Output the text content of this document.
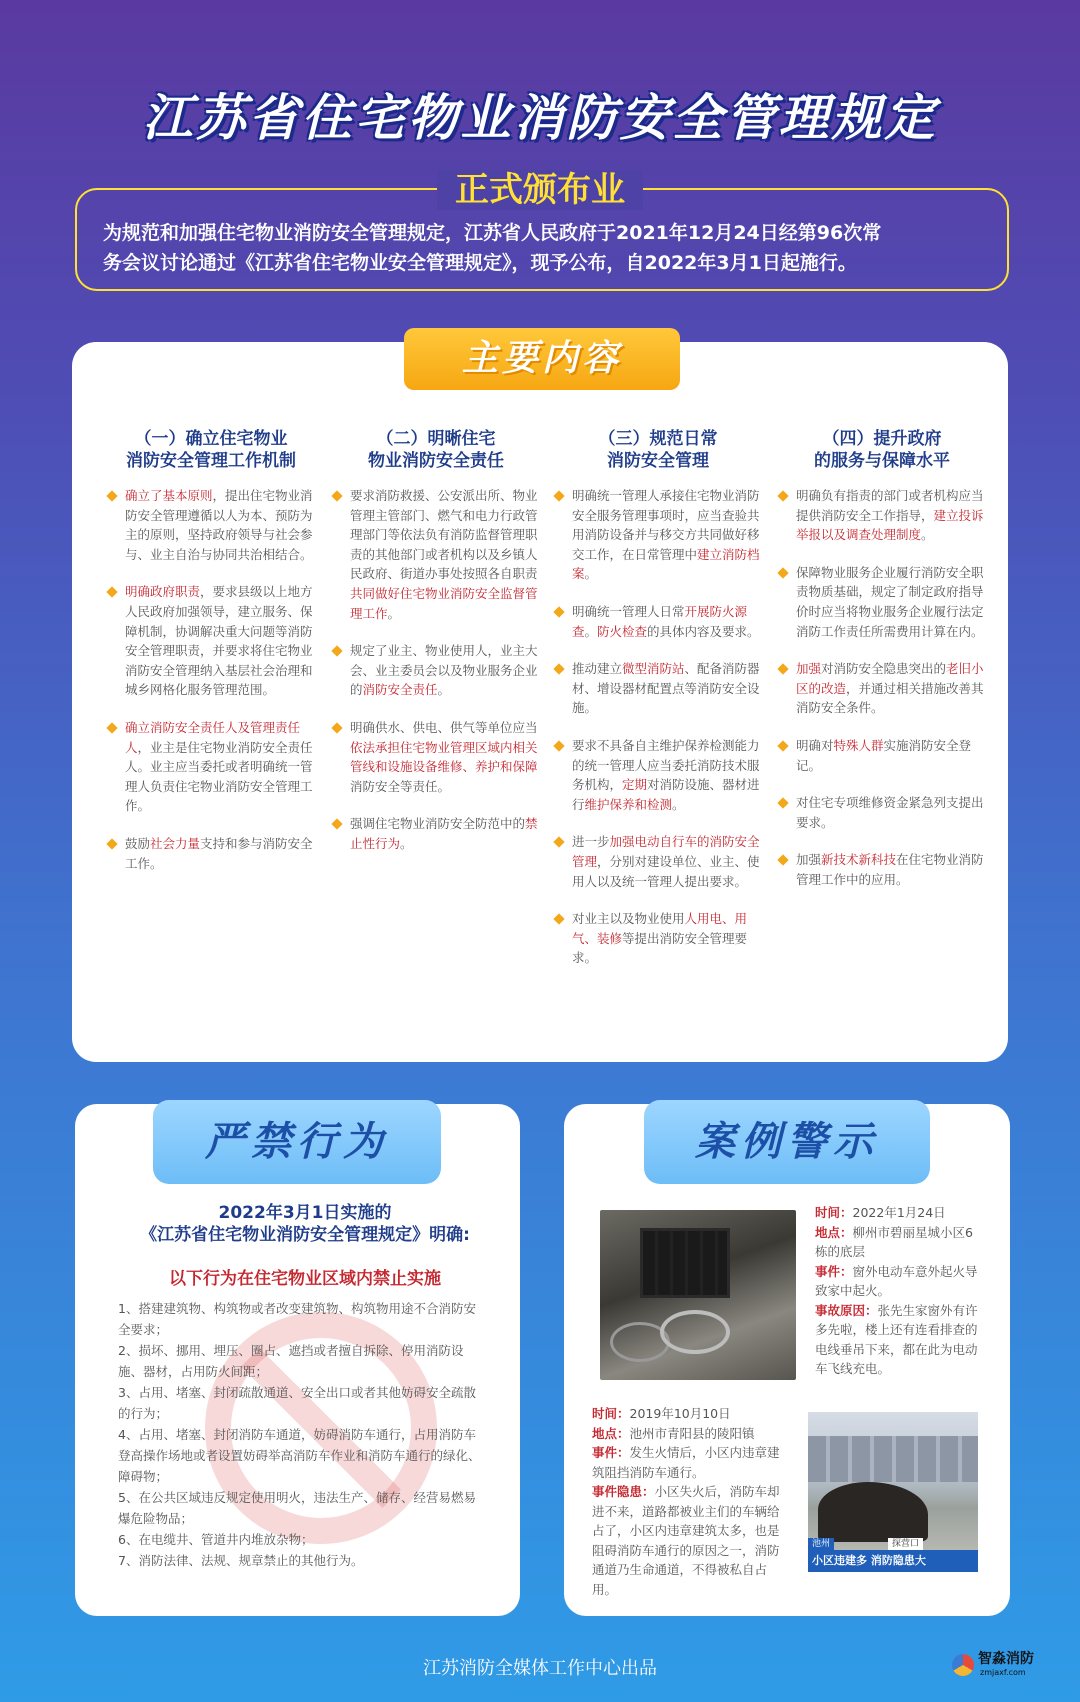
江苏省住宅物业消防安全管理规定
正式颁布业
为规范和加强住宅物业消防安全管理规定，江苏省人民政府于2021年12月24日经第96次常
务会议讨论通过《江苏省住宅物业安全管理规定》，现予公布，自2022年3月1日起施行。
主要内容
（一）确立住宅物业
消防安全管理工作机制
确立了基本原则，提出住宅物业消防安全管理遵循以人为本、预防为主的原则，坚持政府领导与社会参与、业主自治与协同共治相结合。
明确政府职责，要求县级以上地方人民政府加强领导，建立服务、保障机制，协调解决重大问题等消防安全管理职责，并要求将住宅物业消防安全管理纳入基层社会治理和城乡网格化服务管理范围。
确立消防安全责任人及管理责任人，业主是住宅物业消防安全责任人。业主应当委托或者明确统一管理人负责住宅物业消防安全管理工作。
鼓励社会力量支持和参与消防安全工作。
（二）明晰住宅
物业消防安全责任
要求消防救援、公安派出所、物业管理主管部门、燃气和电力行政管理部门等依法负有消防监督管理职责的其他部门或者机构以及乡镇人民政府、街道办事处按照各自职责共同做好住宅物业消防安全监督管理工作。
规定了业主、物业使用人，业主大会、业主委员会以及物业服务企业的消防安全责任。
明确供水、供电、供气等单位应当依法承担住宅物业管理区域内相关管线和设施设备维修、养护和保障消防安全等责任。
强调住宅物业消防安全防范中的禁止性行为。
（三）规范日常
消防安全管理
明确统一管理人承接住宅物业消防安全服务管理事项时，应当查验共用消防设备并与移交方共同做好移交工作，在日常管理中建立消防档案。
明确统一管理人日常开展防火源查。防火检查的具体内容及要求。
推动建立微型消防站、配备消防器材、增设器材配置点等消防安全设施。
要求不具备自主维护保养检测能力的统一管理人应当委托消防技术服务机构，定期对消防设施、器材进行维护保养和检测。
进一步加强电动自行车的消防安全管理，分别对建设单位、业主、使用人以及统一管理人提出要求。
对业主以及物业使用人用电、用气、装修等提出消防安全管理要求。
（四）提升政府
的服务与保障水平
明确负有指责的部门或者机构应当提供消防安全工作指导，建立投诉举报以及调查处理制度。
保障物业服务企业履行消防安全职责物质基础，规定了制定政府指导价时应当将物业服务企业履行法定消防工作责任所需费用计算在内。
加强对消防安全隐患突出的老旧小区的改造，并通过相关措施改善其消防安全条件。
明确对特殊人群实施消防安全登记。
对住宅专项维修资金紧急列支提出要求。
加强新技术新科技在住宅物业消防管理工作中的应用。
严禁行为
2022年3月1日实施的
《江苏省住宅物业消防安全管理规定》明确:
以下行为在住宅物业区域内禁止实施

1、搭建建筑物、构筑物或者改变建筑物、构筑物用途不合消防安全要求；

2、损坏、挪用、埋压、圈占、遮挡或者擅自拆除、停用消防设施、器材，占用防火间距；

3、占用、堵塞、封闭疏散通道、安全出口或者其他妨碍安全疏散的行为；

4、占用、堵塞、封闭消防车通道，妨碍消防车通行，占用消防车登高操作场地或者设置妨碍举高消防车作业和消防车通行的绿化、障碍物；

5、在公共区域违反规定使用明火，违法生产、储存、经营易燃易爆危险物品；

6、在电缆井、管道井内堆放杂物；

7、消防法律、法规、规章禁止的其他行为。

案例警示
时间：2022年1月24日
地点：柳州市碧丽星城小区6栋的底层
事件：窗外电动车意外起火导致家中起火。
事故原因：张先生家窗外有许多先啦，楼上还有连看排查的电线垂吊下来，都在此为电动车飞线充电。
时间：2019年10月10日
地点：池州市青阳县的陵阳镇
事件：发生火情后，小区内违章建筑阻挡消防车通行。
事件隐患：小区失火后，消防车却进不来，道路都被业主们的车辆给占了，小区内违章建筑太多，也是阻碍消防车通行的原因之一，消防通道乃生命通道，不得被私自占用。
池州	探营口
小区违建多 消防隐患大
江苏消防全媒体工作中心出品	智淼消防
zmjaxf.com
